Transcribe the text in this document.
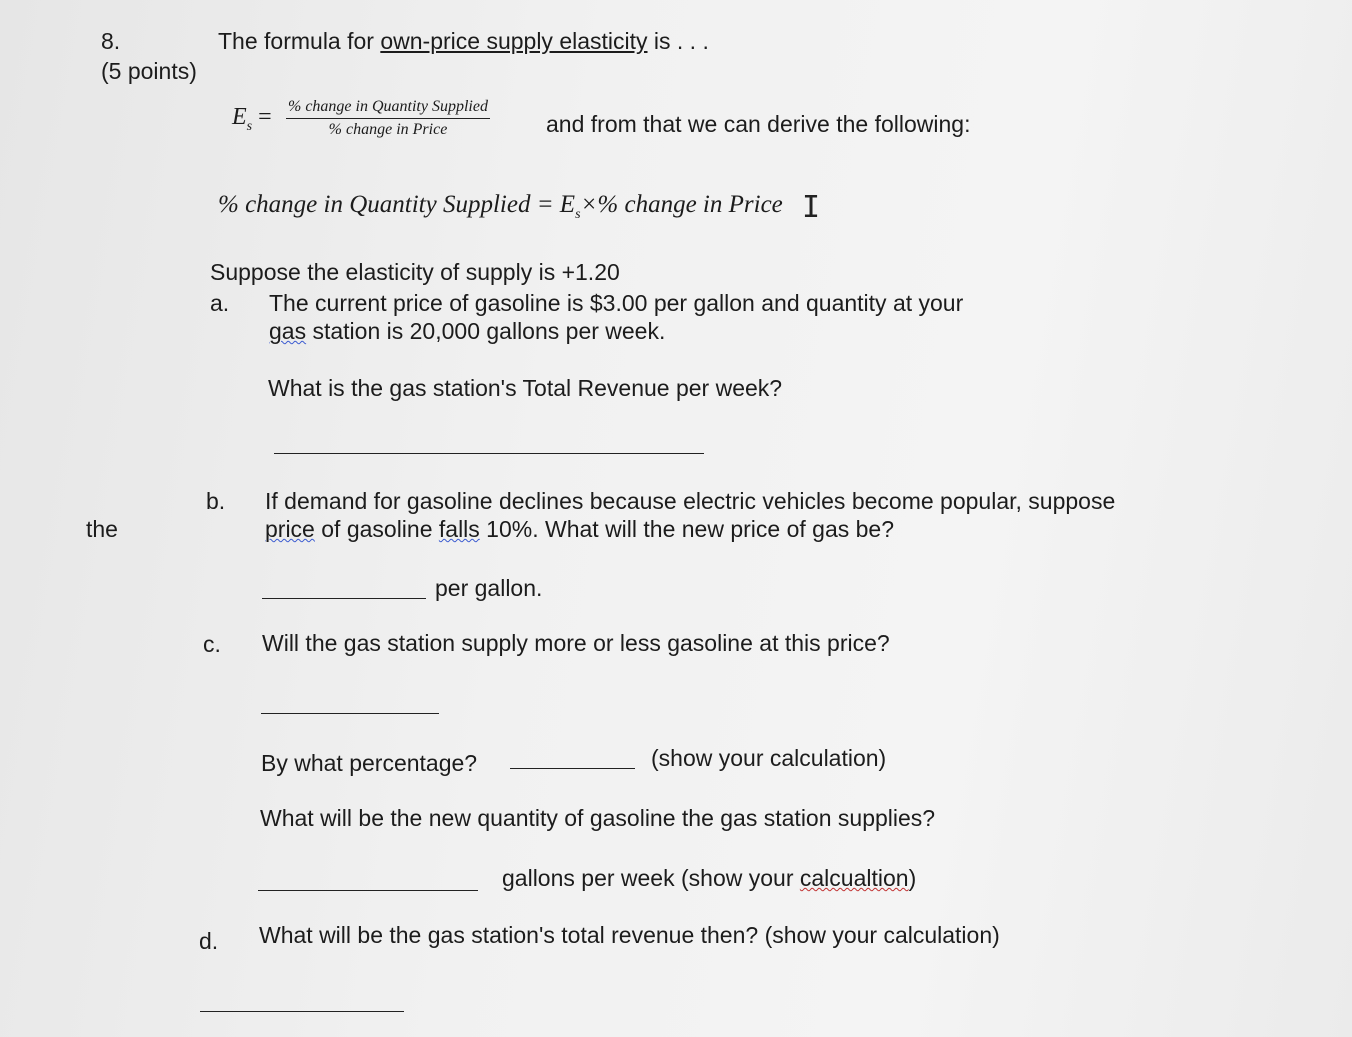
8.
(5 points)
The formula for own-price supply elasticity is . . .
$E_s$ = % change in Quantity Supplied
% change in Price	and from that we can derive the following:
% change in Quantity Supplied = $E_s\times\%$ change in Price I
Suppose the elasticity of supply is +1.20
a. The current price of gasoline is $3.00 per gallon and quantity at your
gas station is 20,000 gallons per week.
What is the gas station's Total Revenue per week?
b. If demand for gasoline declines because electric vehicles become popular, suppose
the	price of gasoline falls 10%. What will the new price of gas be?
per gallon.
c. Will the gas station supply more or less gasoline at this price?
By what percentage?	(show your calculation)
What will be the new quantity of gasoline the gas station supplies?
gallons per week (show your calcualtion)
d. What will be the gas station's total revenue then? (show your calculation)
